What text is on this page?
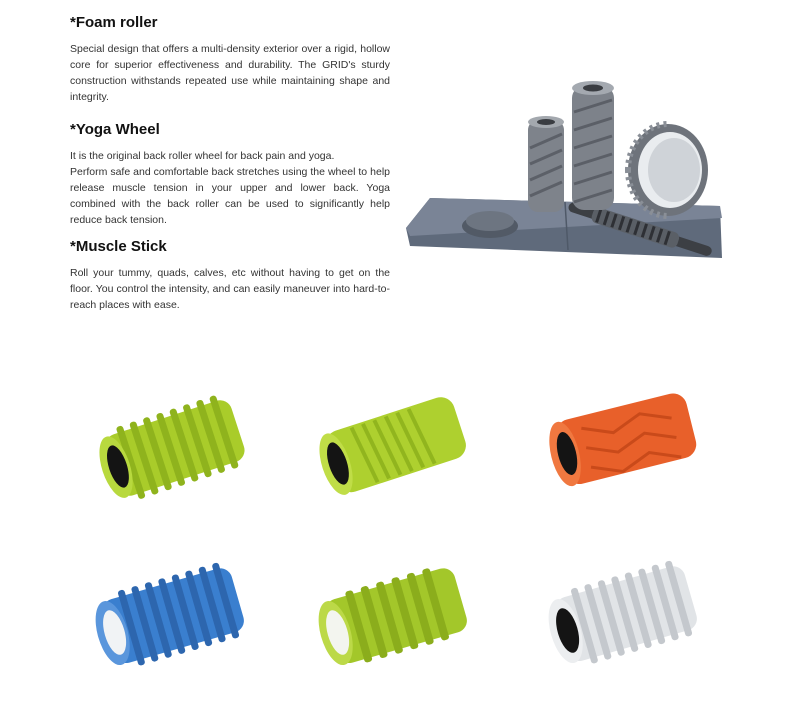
*Foam roller

Special design that offers a multi-density exterior over a rigid, hollow core for superior effectiveness and durability. The GRID's sturdy construction withstands repeated use while maintaining shape and integrity.

*Yoga Wheel

It is the original back roller wheel for back pain and yoga.

Perform safe and comfortable back stretches using the wheel to help release muscle tension in your upper and lower back. Yoga combined with the back roller can be used to significantly help reduce back tension.

*Muscle Stick

Roll your tummy, quads, calves, etc without having to get on the floor. You control the intensity, and can easily maneuver into hard-to-reach places with ease.
